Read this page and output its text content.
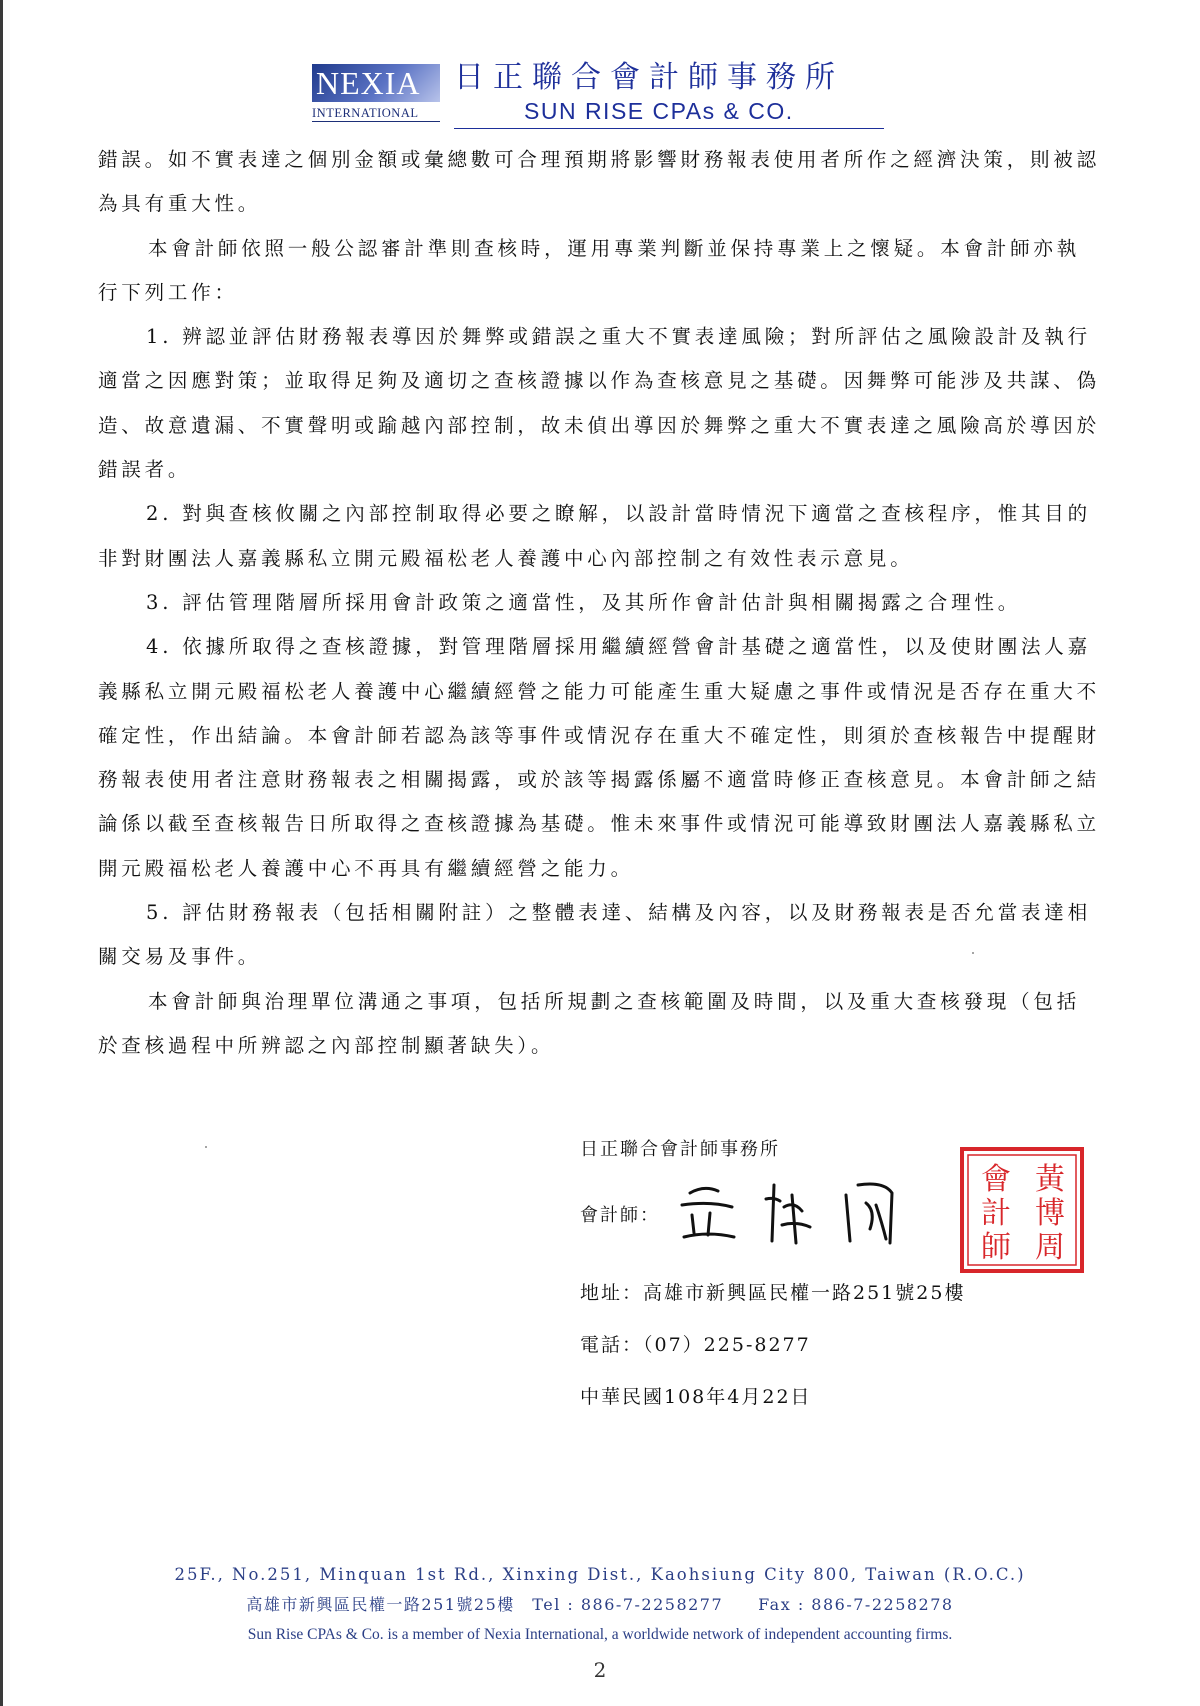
NEXIA
INTERNATIONAL
日正聯合會計師事務所
SUN RISE CPAs & CO.

錯誤。如不實表達之個別金額或彙總數可合理預期將影響財務報表使用者所作之經濟決策，則被認為具有重大性。

本會計師依照一般公認審計準則查核時，運用專業判斷並保持專業上之懷疑。本會計師亦執行下列工作：

1. 辨認並評估財務報表導因於舞弊或錯誤之重大不實表達風險；對所評估之風險設計及執行適當之因應對策；並取得足夠及適切之查核證據以作為查核意見之基礎。因舞弊可能涉及共謀、偽造、故意遺漏、不實聲明或踰越內部控制，故未偵出導因於舞弊之重大不實表達之風險高於導因於錯誤者。

2. 對與查核攸關之內部控制取得必要之瞭解，以設計當時情況下適當之查核程序，惟其目的非對財團法人嘉義縣私立開元殿福松老人養護中心內部控制之有效性表示意見。

3. 評估管理階層所採用會計政策之適當性，及其所作會計估計與相關揭露之合理性。

4. 依據所取得之查核證據，對管理階層採用繼續經營會計基礎之適當性，以及使財團法人嘉義縣私立開元殿福松老人養護中心繼續經營之能力可能產生重大疑慮之事件或情況是否存在重大不確定性，作出結論。本會計師若認為該等事件或情況存在重大不確定性，則須於查核報告中提醒財務報表使用者注意財務報表之相關揭露，或於該等揭露係屬不適當時修正查核意見。本會計師之結論係以截至查核報告日所取得之查核證據為基礎。惟未來事件或情況可能導致財團法人嘉義縣私立開元殿福松老人養護中心不再具有繼續經營之能力。

5. 評估財務報表（包括相關附註）之整體表達、結構及內容，以及財務報表是否允當表達相關交易及事件。

本會計師與治理單位溝通之事項，包括所規劃之查核範圍及時間，以及重大查核發現（包括於查核過程中所辨認之內部控制顯著缺失）。

日正聯合會計師事務所
會計師：
黃
博
周
會
計
師
地址：高雄市新興區民權一路251號25樓
電話：（07）225-8277
中華民國108年4月22日
25F., No.251, Minquan 1st Rd., Xinxing Dist., Kaohsiung City 800, Taiwan (R.O.C.)
高雄市新興區民權一路251號25樓　Tel : 886-7-2258277　　Fax : 886-7-2258278
Sun Rise CPAs & Co. is a member of Nexia International, a worldwide network of independent accounting firms.
2
